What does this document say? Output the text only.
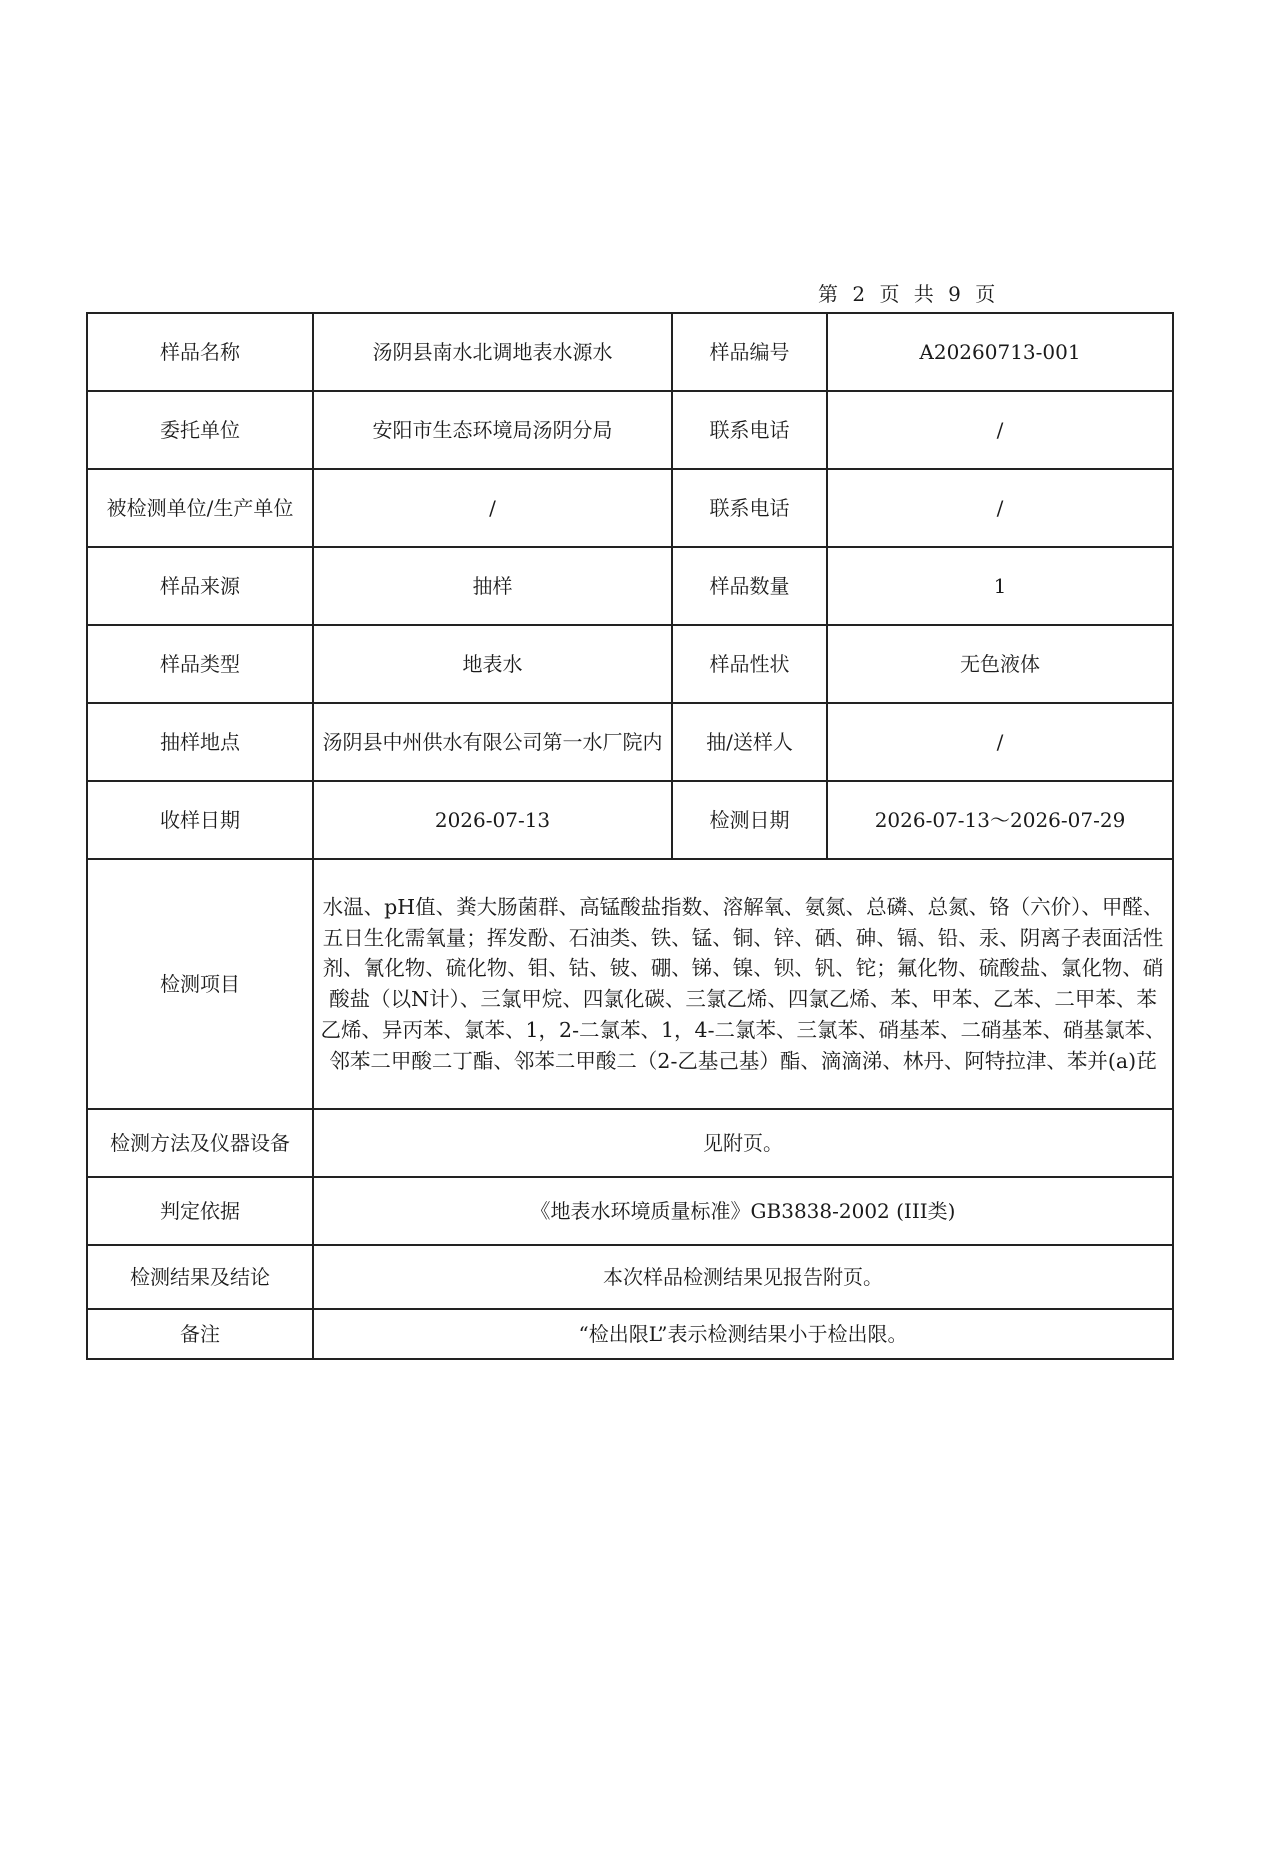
第 2 页 共 9 页
样品名称	汤阴县南水北调地表水源水	样品编号	A20260713-001
委托单位	安阳市生态环境局汤阴分局	联系电话	/
被检测单位/生产单位	/	联系电话	/
样品来源	抽样	样品数量	1
样品类型	地表水	样品性状	无色液体
抽样地点	汤阴县中州供水有限公司第一水厂院内	抽/送样人	/
收样日期	2026-07-13	检测日期	2026-07-13～2026-07-29
检测项目	水温、pH值、粪大肠菌群、高锰酸盐指数、溶解氧、氨氮、总磷、总氮、铬（六价）、甲醛、五日生化需氧量；挥发酚、石油类、铁、锰、铜、锌、硒、砷、镉、铅、汞、阴离子表面活性剂、氰化物、硫化物、钼、钴、铍、硼、锑、镍、钡、钒、铊；氟化物、硫酸盐、氯化物、硝酸盐（以N计）、三氯甲烷、四氯化碳、三氯乙烯、四氯乙烯、苯、甲苯、乙苯、二甲苯、苯乙烯、异丙苯、氯苯、1，2-二氯苯、1，4-二氯苯、三氯苯、硝基苯、二硝基苯、硝基氯苯、邻苯二甲酸二丁酯、邻苯二甲酸二（2-乙基己基）酯、滴滴涕、林丹、阿特拉津、苯并(a)芘		
检测方法及仪器设备	见附页。		
判定依据	《地表水环境质量标准》GB3838-2002 (III类)		
检测结果及结论	本次样品检测结果见报告附页。		
备注	“检出限L”表示检测结果小于检出限。		
